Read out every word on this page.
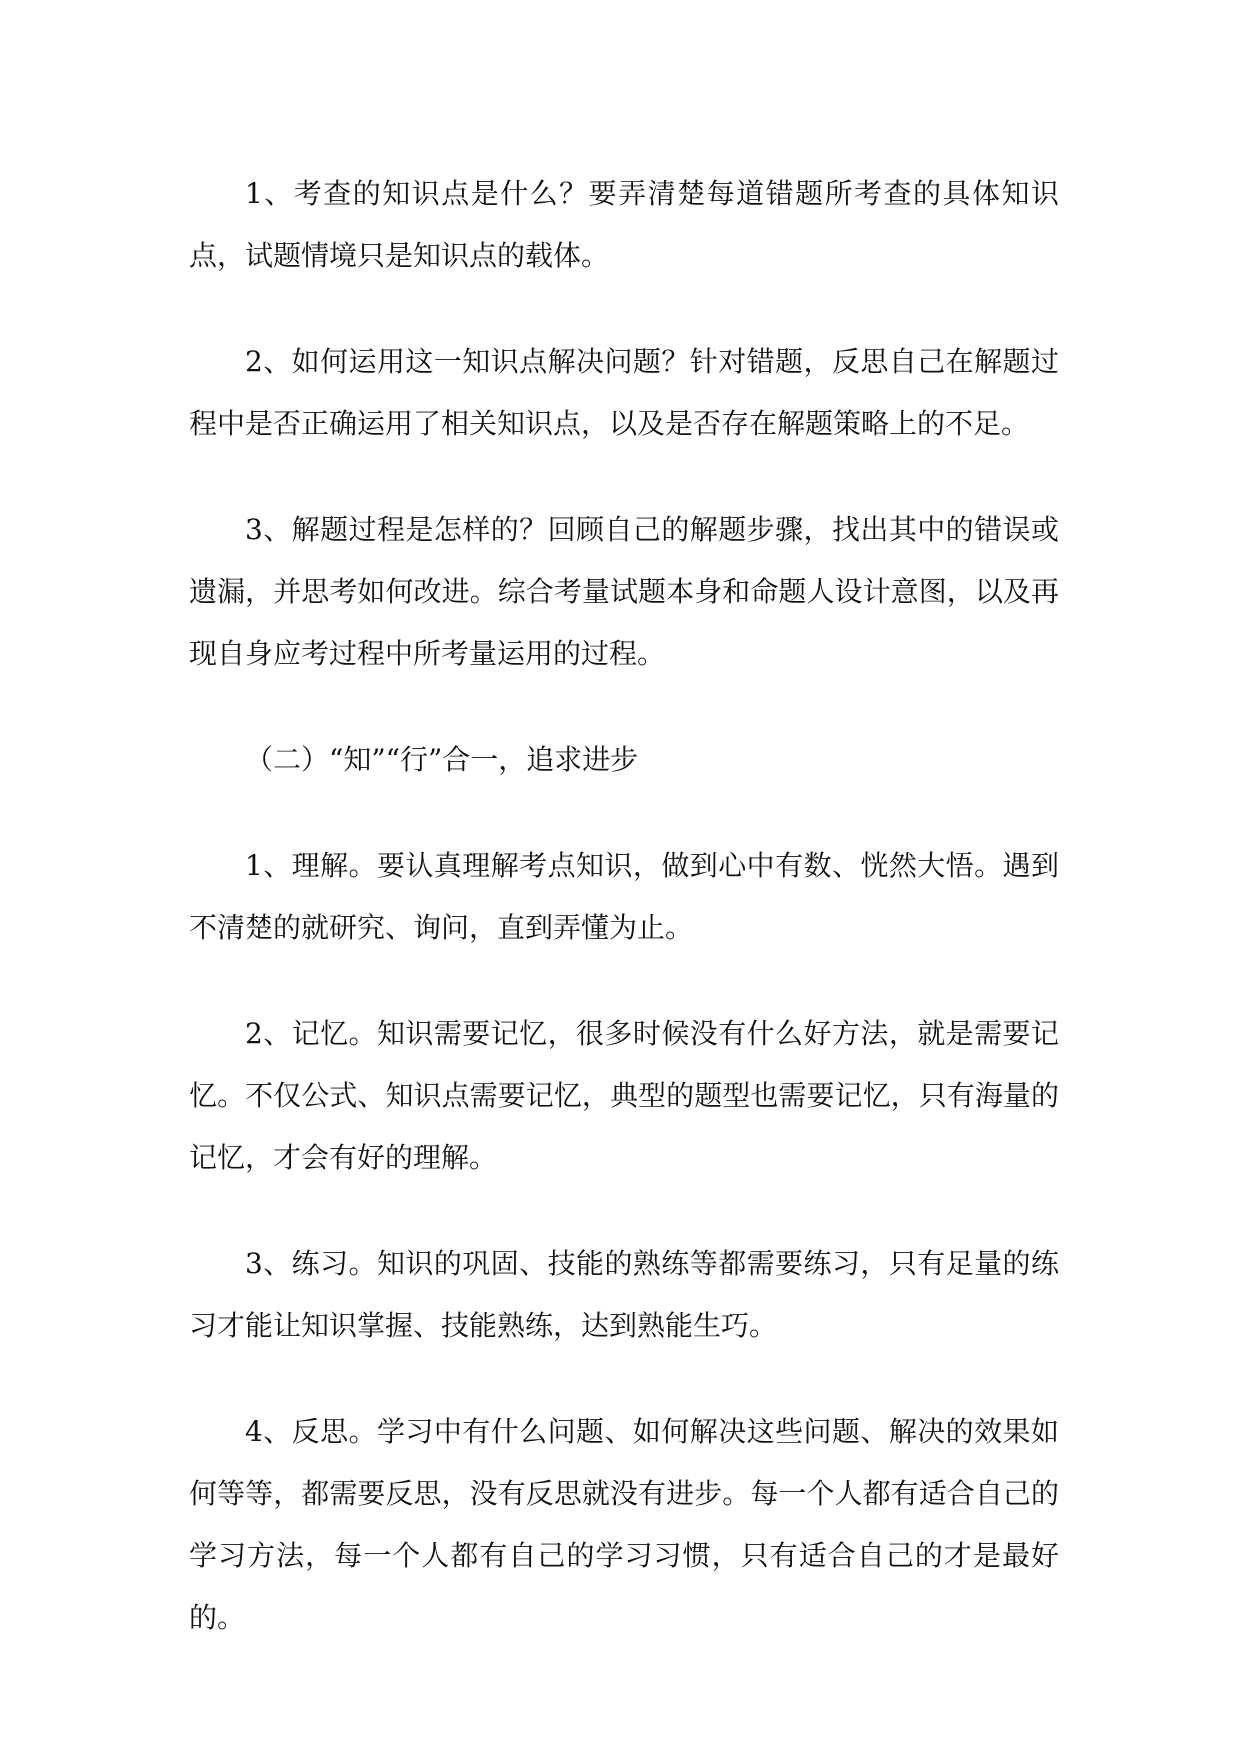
1、考查的知识点是什么？要弄清楚每道错题所考查的具体知识点，试题情境只是知识点的载体。

2、如何运用这一知识点解决问题？针对错题，反思自己在解题过程中是否正确运用了相关知识点，以及是否存在解题策略上的不足。

3、解题过程是怎样的？回顾自己的解题步骤，找出其中的错误或遗漏，并思考如何改进。综合考量试题本身和命题人设计意图，以及再现自身应考过程中所考量运用的过程。

（二）“知”“行”合一，追求进步

1、理解。要认真理解考点知识，做到心中有数、恍然大悟。遇到不清楚的就研究、询问，直到弄懂为止。

2、记忆。知识需要记忆，很多时候没有什么好方法，就是需要记忆。不仅公式、知识点需要记忆，典型的题型也需要记忆，只有海量的记忆，才会有好的理解。

3、练习。知识的巩固、技能的熟练等都需要练习，只有足量的练习才能让知识掌握、技能熟练，达到熟能生巧。

4、反思。学习中有什么问题、如何解决这些问题、解决的效果如何等等，都需要反思，没有反思就没有进步。每一个人都有适合自己的学习方法，每一个人都有自己的学习习惯，只有适合自己的才是最好的。
